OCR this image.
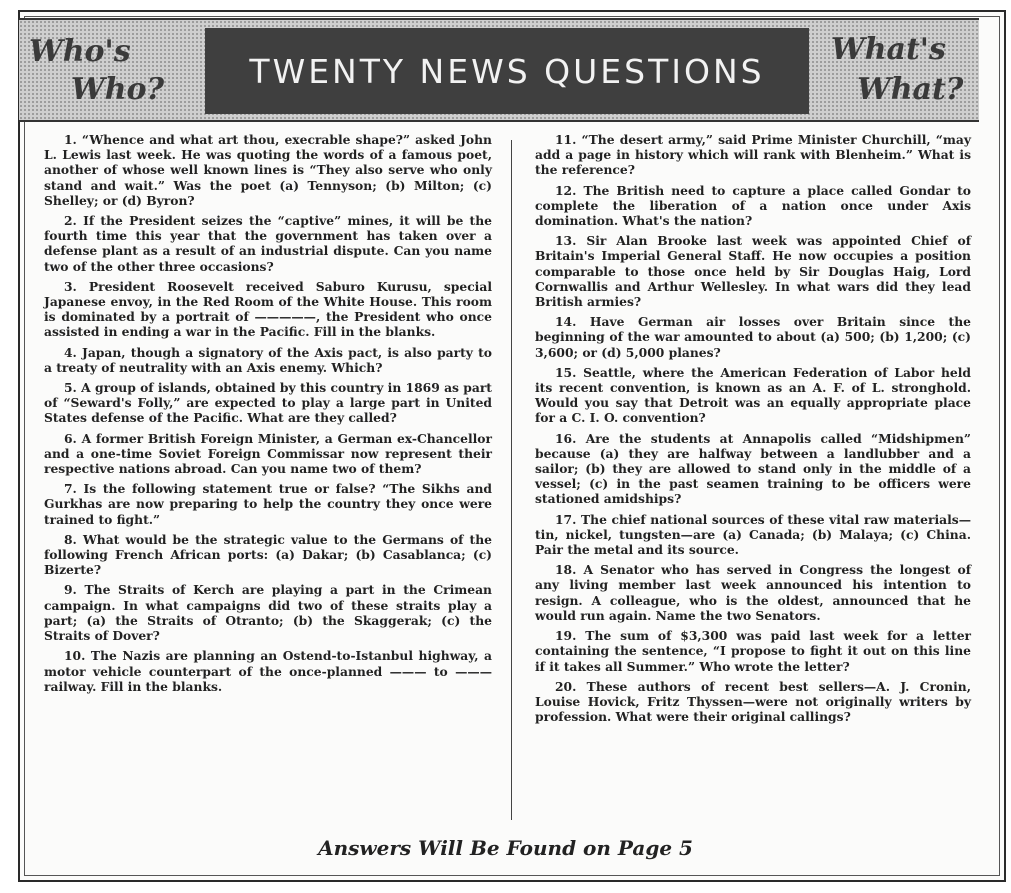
Who's
Who?	TWENTY NEWS QUESTIONS
What's
What?

1. “Whence and what art thou, execrable shape?” asked John L. Lewis last week. He was quoting the words of a famous poet, another of whose well known lines is “They also serve who only stand and wait.” Was the poet (a) Tennyson; (b) Milton; (c) Shelley; or (d) Byron?

2. If the President seizes the “captive” mines, it will be the fourth time this year that the government has taken over a defense plant as a result of an industrial dispute. Can you name two of the other three occasions?

3. President Roosevelt received Saburo Kurusu, special Japanese envoy, in the Red Room of the White House. This room is dominated by a portrait of —————, the President who once assisted in ending a war in the Pacific. Fill in the blanks.

4. Japan, though a signatory of the Axis pact, is also party to a treaty of neutrality with an Axis enemy. Which?

5. A group of islands, obtained by this country in 1869 as part of “Seward's Folly,” are expected to play a large part in United States defense of the Pacific. What are they called?

6. A former British Foreign Minister, a German ex-Chancellor and a one-time Soviet Foreign Commissar now represent their respective nations abroad. Can you name two of them?

7. Is the following statement true or false? “The Sikhs and Gurkhas are now preparing to help the country they once were trained to fight.”

8. What would be the strategic value to the Germans of the following French African ports: (a) Dakar; (b) Casablanca; (c) Bizerte?

9. The Straits of Kerch are playing a part in the Crimean campaign. In what campaigns did two of these straits play a part; (a) the Straits of Otranto; (b) the Skaggerak; (c) the Straits of Dover?

10. The Nazis are planning an Ostend-to-Istanbul highway, a motor vehicle counterpart of the once-planned ——— to ——— railway. Fill in the blanks.

11. “The desert army,” said Prime Minister Churchill, “may add a page in history which will rank with Blenheim.” What is the reference?

12. The British need to capture a place called Gondar to complete the liberation of a nation once under Axis domination. What's the nation?

13. Sir Alan Brooke last week was appointed Chief of Britain's Imperial General Staff. He now occupies a position comparable to those once held by Sir Douglas Haig, Lord Cornwallis and Arthur Wellesley. In what wars did they lead British armies?

14. Have German air losses over Britain since the beginning of the war amounted to about (a) 500; (b) 1,200; (c) 3,600; or (d) 5,000 planes?

15. Seattle, where the American Federation of Labor held its recent convention, is known as an A. F. of L. stronghold. Would you say that Detroit was an equally appropriate place for a C. I. O. convention?

16. Are the students at Annapolis called “Midshipmen” because (a) they are halfway between a landlubber and a sailor; (b) they are allowed to stand only in the middle of a vessel; (c) in the past seamen training to be officers were stationed amidships?

17. The chief national sources of these vital raw materials—tin, nickel, tungsten—are (a) Canada; (b) Malaya; (c) China. Pair the metal and its source.

18. A Senator who has served in Congress the longest of any living member last week announced his intention to resign. A colleague, who is the oldest, announced that he would run again. Name the two Senators.

19. The sum of $3,300 was paid last week for a letter containing the sentence, “I propose to fight it out on this line if it takes all Summer.” Who wrote the letter?

20. These authors of recent best sellers—A. J. Cronin, Louise Hovick, Fritz Thyssen—were not originally writers by profession. What were their original callings?

Answers Will Be Found on Page 5
